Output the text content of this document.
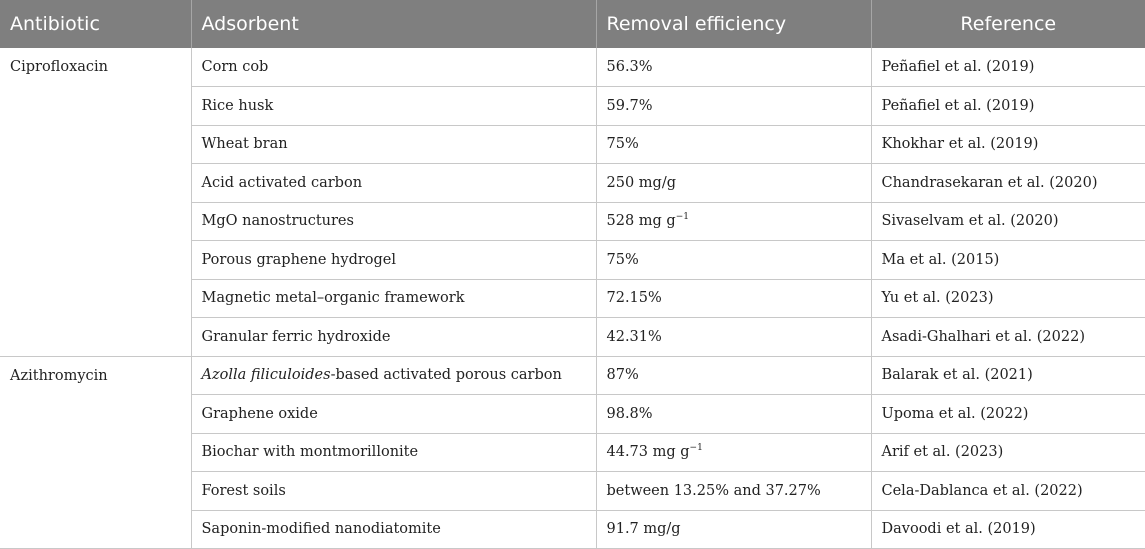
Antibiotic	Adsorbent	Removal efficiency	Reference
Ciprofloxacin	Corn cob	56.3%	Peñafiel et al. (2019)
	Rice husk	59.7%	Peñafiel et al. (2019)
	Wheat bran	75%	Khokhar et al. (2019)
	Acid activated carbon	250 mg/g	Chandrasekaran et al. (2020)
	MgO nanostructures	528 mg $g^{-1}$	Sivaselvam et al. (2020)
	Porous graphene hydrogel	75%	Ma et al. (2015)
	Magnetic metal–organic framework	72.15%	Yu et al. (2023)
	Granular ferric hydroxide	42.31%	Asadi-Ghalhari et al. (2022)
Azithromycin	Azolla filiculoides-based activated porous carbon	87%	Balarak et al. (2021)
	Graphene oxide	98.8%	Upoma et al. (2022)
	Biochar with montmorillonite	44.73 mg $g^{-1}$	Arif et al. (2023)
	Forest soils	between 13.25% and 37.27%	Cela-Dablanca et al. (2022)
	Saponin-modified nanodiatomite	91.7 mg/g	Davoodi et al. (2019)
